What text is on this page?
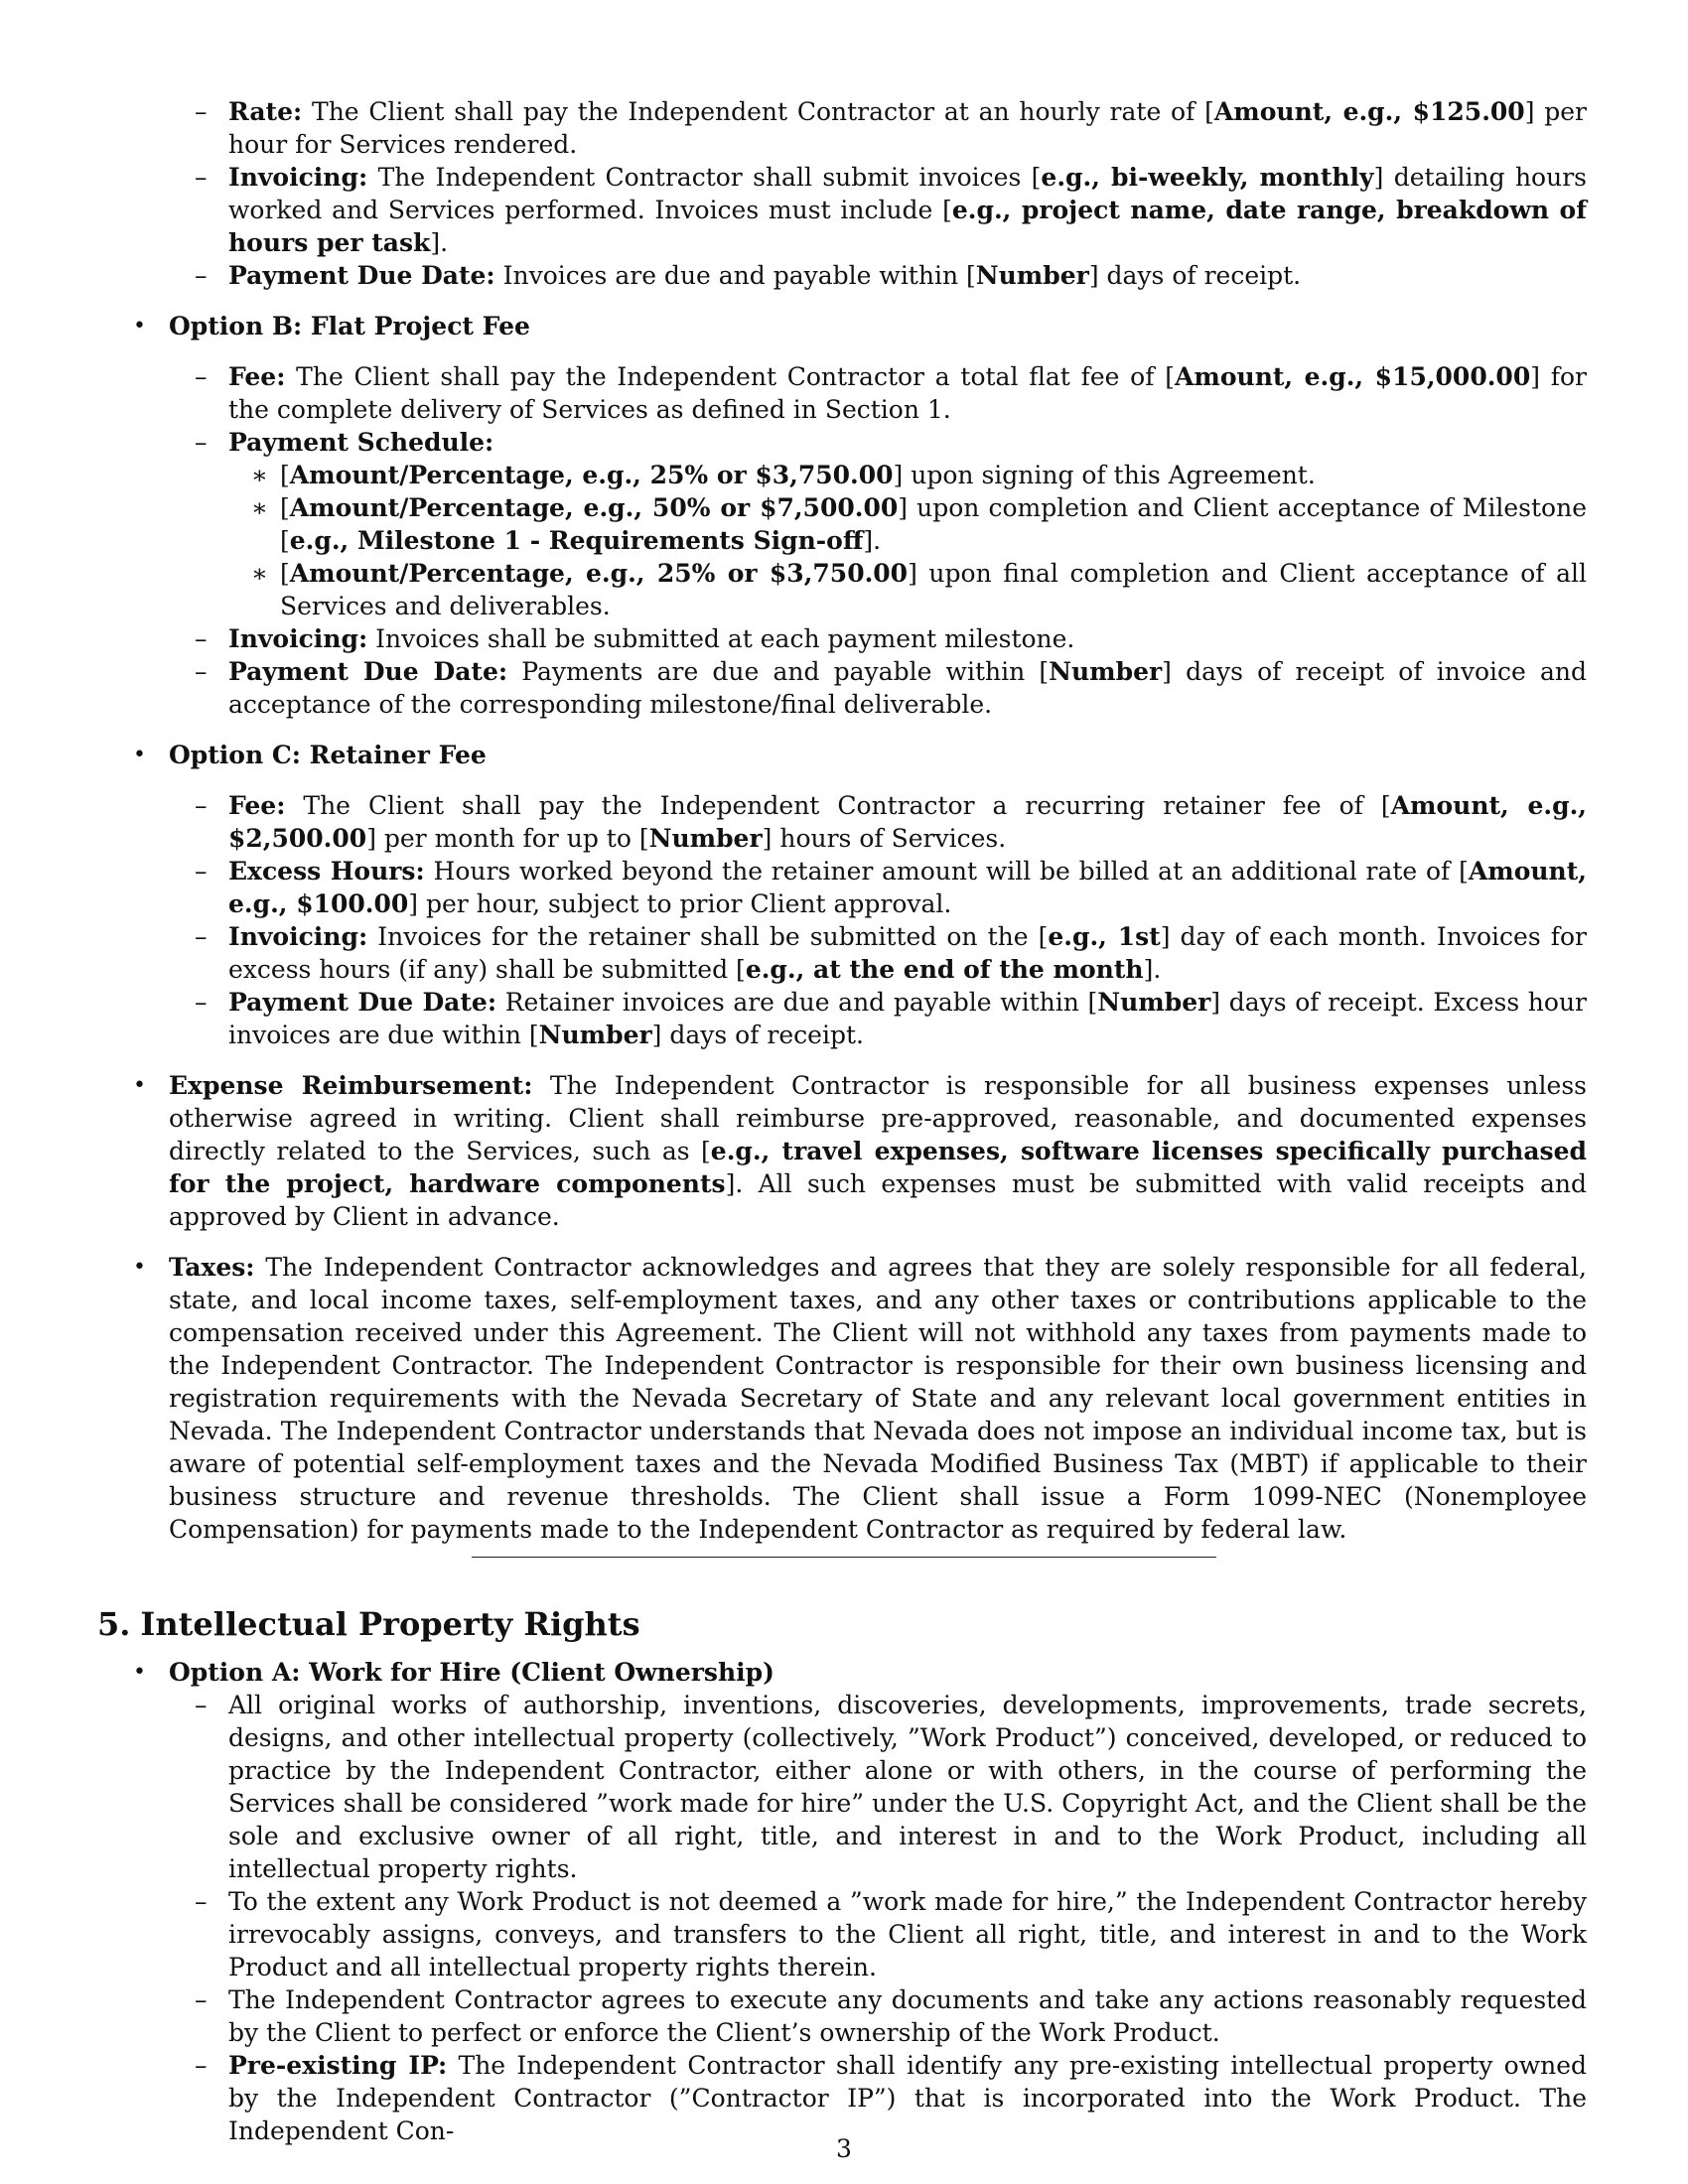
– Rate: The Client shall pay the Independent Contractor at an hourly rate of [Amount, e.g., $125.00] per hour for Services rendered.

– Invoicing: The Independent Contractor shall submit invoices [e.g., bi-weekly, monthly] detailing hours worked and Services performed. Invoices must include [e.g., project name, date range, breakdown of hours per task].

– Payment Due Date: Invoices are due and payable within [Number] days of receipt.

• Option B: Flat Project Fee

– Fee: The Client shall pay the Independent Contractor a total flat fee of [Amount, e.g., $15,000.00] for the complete delivery of Services as defined in Section 1.

– Payment Schedule:

∗ [Amount/Percentage, e.g., 25% or $3,750.00] upon signing of this Agreement.

∗ [Amount/Percentage, e.g., 50% or $7,500.00] upon completion and Client acceptance of Milestone [e.g., Milestone 1 - Requirements Sign-off].

∗ [Amount/Percentage, e.g., 25% or $3,750.00] upon final completion and Client acceptance of all Services and deliverables.

– Invoicing: Invoices shall be submitted at each payment milestone.

– Payment Due Date: Payments are due and payable within [Number] days of receipt of invoice and acceptance of the corresponding milestone/final deliverable.

• Option C: Retainer Fee

– Fee: The Client shall pay the Independent Contractor a recurring retainer fee of [Amount, e.g., $2,500.00] per month for up to [Number] hours of Services.

– Excess Hours: Hours worked beyond the retainer amount will be billed at an additional rate of [Amount, e.g., $100.00] per hour, subject to prior Client approval.

– Invoicing: Invoices for the retainer shall be submitted on the [e.g., 1st] day of each month. Invoices for excess hours (if any) shall be submitted [e.g., at the end of the month].

– Payment Due Date: Retainer invoices are due and payable within [Number] days of receipt. Excess hour invoices are due within [Number] days of receipt.

• Expense Reimbursement: The Independent Contractor is responsible for all business expenses unless otherwise agreed in writing. Client shall reimburse pre-approved, reasonable, and documented expenses directly related to the Services, such as [e.g., travel expenses, software licenses specifically purchased for the project, hardware components]. All such expenses must be submitted with valid receipts and approved by Client in advance.

• Taxes: The Independent Contractor acknowledges and agrees that they are solely responsible for all federal, state, and local income taxes, self-employment taxes, and any other taxes or contributions applicable to the compensation received under this Agreement. The Client will not withhold any taxes from payments made to the Independent Contractor. The Independent Contractor is responsible for their own business licensing and registration requirements with the Nevada Secretary of State and any relevant local government entities in Nevada. The Independent Contractor understands that Nevada does not impose an individual income tax, but is aware of potential self-employment taxes and the Nevada Modified Business Tax (MBT) if applicable to their business structure and revenue thresholds. The Client shall issue a Form 1099-NEC (Nonemployee Compensation) for payments made to the Independent Contractor as required by federal law.

5. Intellectual Property Rights

• Option A: Work for Hire (Client Ownership)

– All original works of authorship, inventions, discoveries, developments, improvements, trade secrets, designs, and other intellectual property (collectively, ”Work Product”) conceived, developed, or reduced to practice by the Independent Contractor, either alone or with others, in the course of performing the Services shall be considered ”work made for hire” under the U.S. Copyright Act, and the Client shall be the sole and exclusive owner of all right, title, and interest in and to the Work Product, including all intellectual property rights.

– To the extent any Work Product is not deemed a ”work made for hire,” the Independent Contractor hereby irrevocably assigns, conveys, and transfers to the Client all right, title, and interest in and to the Work Product and all intellectual property rights therein.

– The Independent Contractor agrees to execute any documents and take any actions reasonably requested by the Client to perfect or enforce the Client’s ownership of the Work Product.

– Pre-existing IP: The Independent Contractor shall identify any pre-existing intellectual property owned by the Independent Contractor (”Contractor IP”) that is incorporated into the Work Product. The Independent Con-

3
